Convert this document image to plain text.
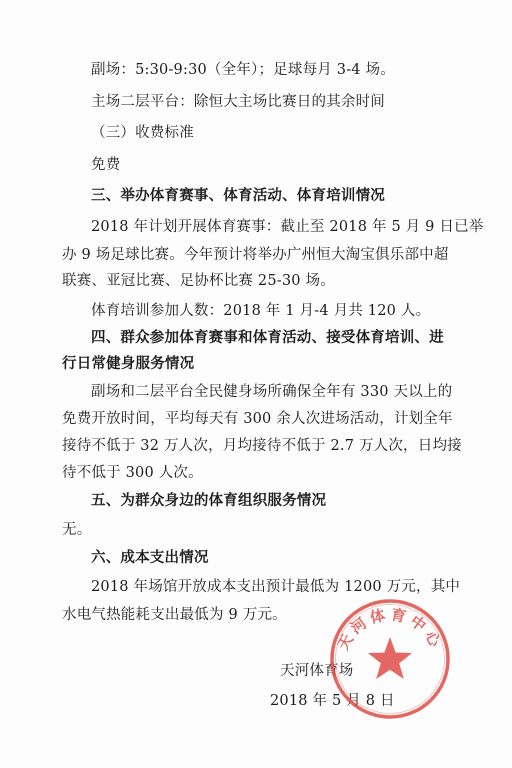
副场：5:30-9:30（全年）；足球每月 3-4 场。
主场二层平台：除恒大主场比赛日的其余时间
（三）收费标准
免费
三、举办体育赛事、体育活动、体育培训情况
2018 年计划开展体育赛事：截止至 2018 年 5 月 9 日已举
办 9 场足球比赛。今年预计将举办广州恒大淘宝俱乐部中超
联赛、亚冠比赛、足协杯比赛 25-30 场。
体育培训参加人数：2018 年 1 月-4 月共 120 人。
四、群众参加体育赛事和体育活动、接受体育培训、进
行日常健身服务情况
副场和二层平台全民健身场所确保全年有 330 天以上的
免费开放时间，平均每天有 300 余人次进场活动，计划全年
接待不低于 32 万人次，月均接待不低于 2.7 万人次，日均接
待不低于 300 人次。
五、为群众身边的体育组织服务情况
无。
六、成本支出情况
2018 年场馆开放成本支出预计最低为 1200 万元，其中
水电气热能耗支出最低为 9 万元。
天河体育场
2018 年 5 月 8 日
天河体育中心
